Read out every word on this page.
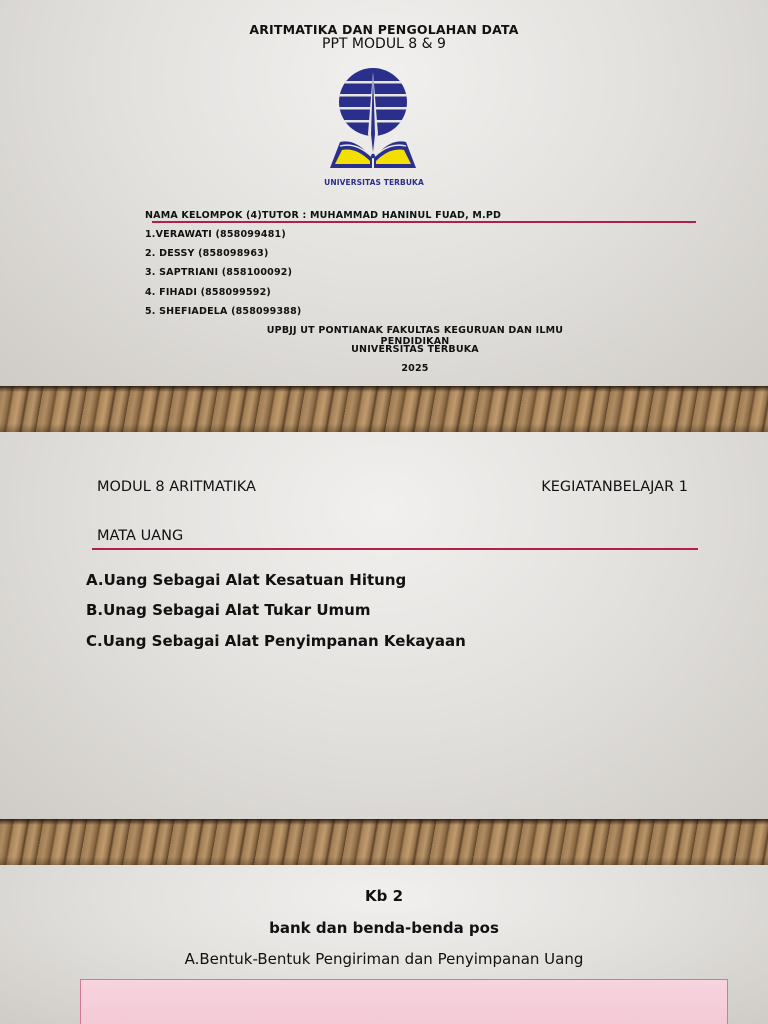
ARITMATIKA DAN PENGOLAHAN DATA
PPT MODUL 8 & 9
UNIVERSITAS TERBUKA
NAMA KELOMPOK (4)TUTOR : MUHAMMAD HANINUL FUAD, M.PD
1.VERAWATI (858099481)
2. DESSY (858098963)
3. SAPTRIANI (858100092)
4. FIHADI (858099592)
5. SHEFIADELA (858099388)
UPBJJ UT PONTIANAK FAKULTAS KEGURUAN DAN ILMU PENDIDIKAN
UNIVERSITAS TERBUKA
2025
MODUL 8 ARITMATIKA	KEGIATANBELAJAR 1
MATA UANG
A.Uang Sebagai Alat Kesatuan Hitung
B.Unag Sebagai Alat Tukar Umum
C.Uang Sebagai Alat Penyimpanan Kekayaan
Kb 2
bank dan benda-benda pos
A.Bentuk-Bentuk Pengiriman dan Penyimpanan Uang
